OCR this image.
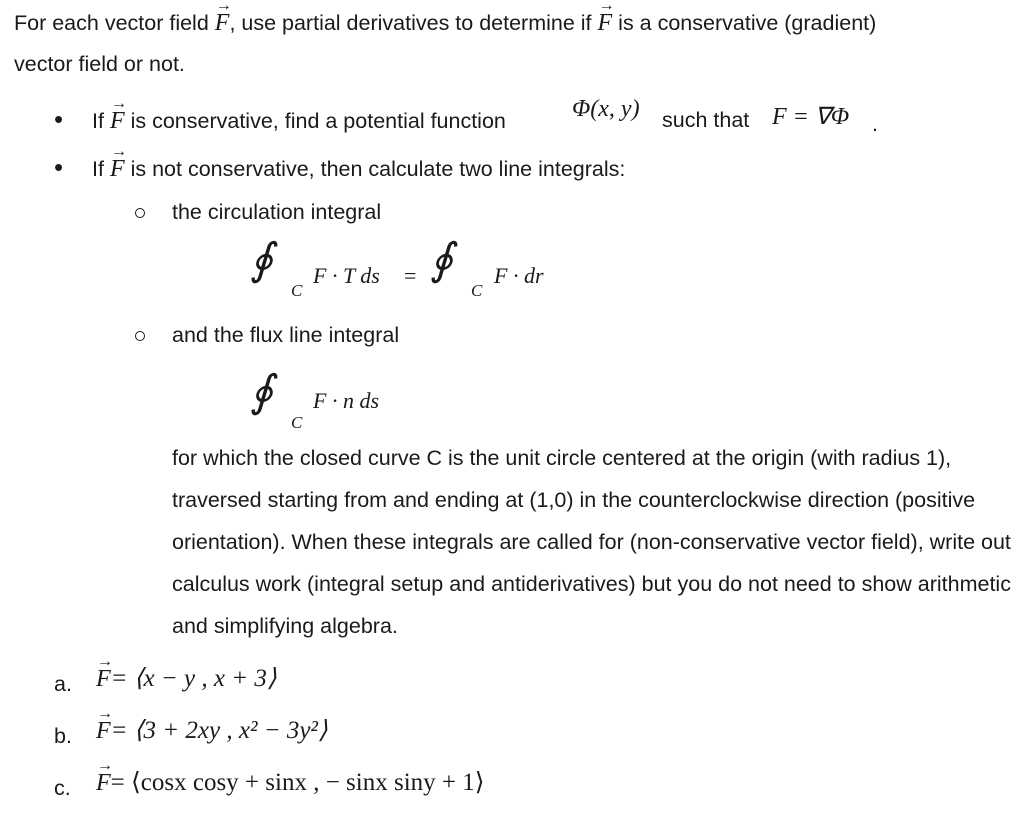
For each vector field
→
F, use partial derivatives to determine if
→
F is a conservative (gradient)
vector field or not.
• If
→
F is conservative, find a potential function	Φ(x, y) such that F = ∇Φ .
• If
→
F is not conservative, then calculate two line integrals:
the circulation integral
∮
C
F · T ds = ∮
C
F · dr
and the flux line integral
∮
C
F · n ds
for which the closed curve C is the unit circle centered at the origin (with radius 1), traversed starting from and ending at (1,0) in the counterclockwise direction (positive orientation). When these integrals are called for (non-conservative vector field), write out calculus work (integral setup and antiderivatives) but you do not need to show arithmetic and simplifying algebra.
a.
→
F= ⟨x − y , x + 3⟩
b.
→
F= ⟨3 + 2xy , x² − 3y²⟩
c.
→
F= ⟨cosx cosy + sinx , − sinx siny + 1⟩
